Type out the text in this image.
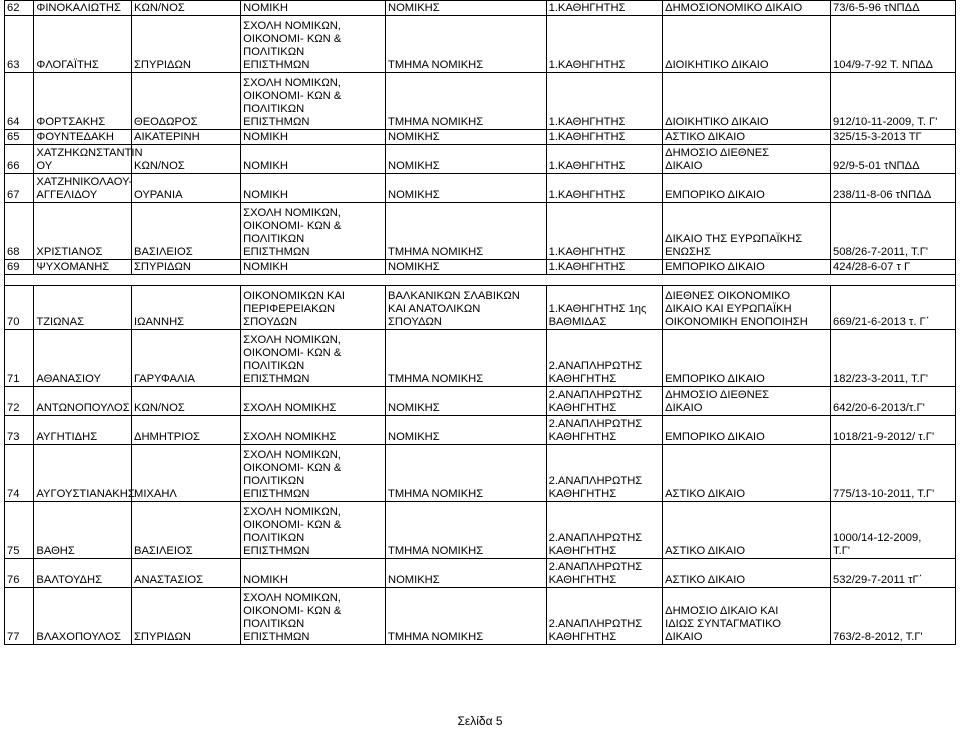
62	ΦΙΝΟΚΑΛΙΩΤΗΣ	ΚΩΝ/ΝΟΣ	ΝΟΜΙΚΗ	ΝΟΜΙΚΗΣ	1.ΚΑΘΗΓΗΤΗΣ	ΔΗΜΟΣΙΟΝΟΜΙΚΟ ΔΙΚΑΙΟ	73/6-5-96 τΝΠΔΔ
63	ΦΛΟΓΑΪΤΗΣ	ΣΠΥΡΙΔΩΝ	ΣΧΟΛΗ ΝΟΜΙΚΩΝ,
ΟΙΚΟΝΟΜΙ- ΚΩΝ &
ΠΟΛΙΤΙΚΩΝ
ΕΠΙΣΤΗΜΩΝ	ΤΜΗΜΑ ΝΟΜΙΚΗΣ	1.ΚΑΘΗΓΗΤΗΣ	ΔΙΟΙΚΗΤΙΚΟ ΔΙΚΑΙΟ	104/9-7-92 Τ. ΝΠΔΔ
64	ΦΟΡΤΣΑΚΗΣ	ΘΕΟΔΩΡΟΣ	ΣΧΟΛΗ ΝΟΜΙΚΩΝ,
ΟΙΚΟΝΟΜΙ- ΚΩΝ &
ΠΟΛΙΤΙΚΩΝ
ΕΠΙΣΤΗΜΩΝ	ΤΜΗΜΑ ΝΟΜΙΚΗΣ	1.ΚΑΘΗΓΗΤΗΣ	ΔΙΟΙΚΗΤΙΚΟ ΔΙΚΑΙΟ	912/10-11-2009, Τ. Γ'
65	ΦΟΥΝΤΕΔΑΚΗ	ΑΙΚΑΤΕΡΙΝΗ	ΝΟΜΙΚΗ	ΝΟΜΙΚΗΣ	1.ΚΑΘΗΓΗΤΗΣ	ΑΣΤΙΚΟ ΔΙΚΑΙΟ	325/15-3-2013 ΤΓ
66	ΧΑΤΖΗΚΩΝΣΤΑΝΤΙΝ
ΟΥ	ΚΩΝ/ΝΟΣ	ΝΟΜΙΚΗ	ΝΟΜΙΚΗΣ	1.ΚΑΘΗΓΗΤΗΣ	ΔΗΜΟΣΙΟ ΔΙΕΘΝΕΣ
ΔΙΚΑΙΟ	92/9-5-01 τΝΠΔΔ
67	ΧΑΤΖΗΝΙΚΟΛΑΟΥ-
ΑΓΓΕΛΙΔΟΥ	ΟΥΡΑΝΙΑ	ΝΟΜΙΚΗ	ΝΟΜΙΚΗΣ	1.ΚΑΘΗΓΗΤΗΣ	ΕΜΠΟΡΙΚΟ ΔΙΚΑΙΟ	238/11-8-06 τΝΠΔΔ
68	ΧΡΙΣΤΙΑΝΟΣ	ΒΑΣΙΛΕΙΟΣ	ΣΧΟΛΗ ΝΟΜΙΚΩΝ,
ΟΙΚΟΝΟΜΙ- ΚΩΝ &
ΠΟΛΙΤΙΚΩΝ
ΕΠΙΣΤΗΜΩΝ	ΤΜΗΜΑ ΝΟΜΙΚΗΣ	1.ΚΑΘΗΓΗΤΗΣ	ΔΙΚΑΙΟ ΤΗΣ ΕΥΡΩΠΑΪΚΗΣ
ΕΝΩΣΗΣ	508/26-7-2011, Τ.Γ'
69	ΨΥΧΟΜΑΝΗΣ	ΣΠΥΡΙΔΩΝ	ΝΟΜΙΚΗ	ΝΟΜΙΚΗΣ	1.ΚΑΘΗΓΗΤΗΣ	ΕΜΠΟΡΙΚΟ ΔΙΚΑΙΟ	424/28-6-07 τ Γ

70	ΤΖΙΩΝΑΣ	ΙΩΑΝΝΗΣ	ΟΙΚΟΝΟΜΙΚΩΝ ΚΑΙ
ΠΕΡΙΦΕΡΕΙΑΚΩΝ
ΣΠΟΥΔΩΝ	ΒΑΛΚΑΝΙΚΩΝ ΣΛΑΒΙΚΩΝ
ΚΑΙ ΑΝΑΤΟΛΙΚΩΝ
ΣΠΟΥΔΩΝ	1.ΚΑΘΗΓΗΤΗΣ 1ης
ΒΑΘΜΙΔΑΣ	ΔΙΕΘΝΕΣ ΟΙΚΟΝΟΜΙΚΟ
ΔΙΚΑΙΟ ΚΑΙ ΕΥΡΩΠΑΪΚΗ
ΟΙΚΟΝΟΜΙΚΗ ΕΝΟΠΟΙΗΣΗ	669/21-6-2013 τ. Γ΄
71	ΑΘΑΝΑΣΙΟΥ	ΓΑΡΥΦΑΛΙΑ	ΣΧΟΛΗ ΝΟΜΙΚΩΝ,
ΟΙΚΟΝΟΜΙ- ΚΩΝ &
ΠΟΛΙΤΙΚΩΝ
ΕΠΙΣΤΗΜΩΝ	ΤΜΗΜΑ ΝΟΜΙΚΗΣ	2.ΑΝΑΠΛΗΡΩΤΗΣ
ΚΑΘΗΓΗΤΗΣ	ΕΜΠΟΡΙΚΟ ΔΙΚΑΙΟ	182/23-3-2011, Τ.Γ'
72	ΑΝΤΩΝΟΠΟΥΛΟΣ	ΚΩΝ/ΝΟΣ	ΣΧΟΛΗ ΝΟΜΙΚΗΣ	ΝΟΜΙΚΗΣ	2.ΑΝΑΠΛΗΡΩΤΗΣ
ΚΑΘΗΓΗΤΗΣ	ΔΗΜΟΣΙΟ ΔΙΕΘΝΕΣ
ΔΙΚΑΙΟ	642/20-6-2013/τ.Γ'
73	ΑΥΓΗΤΙΔΗΣ	ΔΗΜΗΤΡΙΟΣ	ΣΧΟΛΗ ΝΟΜΙΚΗΣ	ΝΟΜΙΚΗΣ	2.ΑΝΑΠΛΗΡΩΤΗΣ
ΚΑΘΗΓΗΤΗΣ	ΕΜΠΟΡΙΚΟ ΔΙΚΑΙΟ	1018/21-9-2012/ τ.Γ'
74	ΑΥΓΟΥΣΤΙΑΝΑΚΗΣ	ΜΙΧΑΗΛ	ΣΧΟΛΗ ΝΟΜΙΚΩΝ,
ΟΙΚΟΝΟΜΙ- ΚΩΝ &
ΠΟΛΙΤΙΚΩΝ
ΕΠΙΣΤΗΜΩΝ	ΤΜΗΜΑ ΝΟΜΙΚΗΣ	2.ΑΝΑΠΛΗΡΩΤΗΣ
ΚΑΘΗΓΗΤΗΣ	ΑΣΤΙΚΟ ΔΙΚΑΙΟ	775/13-10-2011, Τ.Γ'
75	ΒΑΘΗΣ	ΒΑΣΙΛΕΙΟΣ	ΣΧΟΛΗ ΝΟΜΙΚΩΝ,
ΟΙΚΟΝΟΜΙ- ΚΩΝ &
ΠΟΛΙΤΙΚΩΝ
ΕΠΙΣΤΗΜΩΝ	ΤΜΗΜΑ ΝΟΜΙΚΗΣ	2.ΑΝΑΠΛΗΡΩΤΗΣ
ΚΑΘΗΓΗΤΗΣ	ΑΣΤΙΚΟ ΔΙΚΑΙΟ	1000/14-12-2009,
Τ.Γ'
76	ΒΑΛΤΟΥΔΗΣ	ΑΝΑΣΤΑΣΙΟΣ	ΝΟΜΙΚΗ	ΝΟΜΙΚΗΣ	2.ΑΝΑΠΛΗΡΩΤΗΣ
ΚΑΘΗΓΗΤΗΣ	ΑΣΤΙΚΟ ΔΙΚΑΙΟ	532/29-7-2011 τΓ΄
77	ΒΛΑΧΟΠΟΥΛΟΣ	ΣΠΥΡΙΔΩΝ	ΣΧΟΛΗ ΝΟΜΙΚΩΝ,
ΟΙΚΟΝΟΜΙ- ΚΩΝ &
ΠΟΛΙΤΙΚΩΝ
ΕΠΙΣΤΗΜΩΝ	ΤΜΗΜΑ ΝΟΜΙΚΗΣ	2.ΑΝΑΠΛΗΡΩΤΗΣ
ΚΑΘΗΓΗΤΗΣ	ΔΗΜΟΣΙΟ ΔΙΚΑΙΟ ΚΑΙ
ΙΔΙΩΣ ΣΥΝΤΑΓΜΑΤΙΚΟ
ΔΙΚΑΙΟ	763/2-8-2012, Τ.Γ'
Σελίδα 5
